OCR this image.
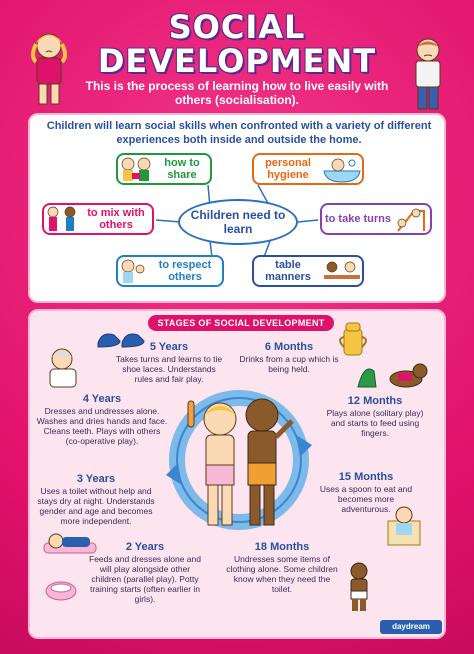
SOCIAL
DEVELOPMENT
This is the process of learning how to live easily with others (socialisation).
Children will learn social skills when confronted with a variety of different experiences both inside and outside the home.
Children need to learn
how to share
personal hygiene
to mix with others	to take turns
to respect others
table manners
STAGES OF SOCIAL DEVELOPMENT
5 Years
Takes turns and learns to tie shoe laces. Understands rules and fair play.
4 Years
Dresses and undresses alone. Washes and dries hands and face. Cleans teeth. Plays with others (co-operative play).
3 Years
Uses a toilet without help and stays dry at night. Understands gender and age and becomes more independent.
2 Years
Feeds and dresses alone and will play alongside other children (parallel play). Potty training starts (often earlier in girls).
6 Months
Drinks from a cup which is being held.
12 Months
Plays alone (solitary play) and starts to feed using fingers.
15 Months
Uses a spoon to eat and becomes more adventurous.
18 Months
Undresses some items of clothing alone. Some children know when they need the toilet.
daydream
